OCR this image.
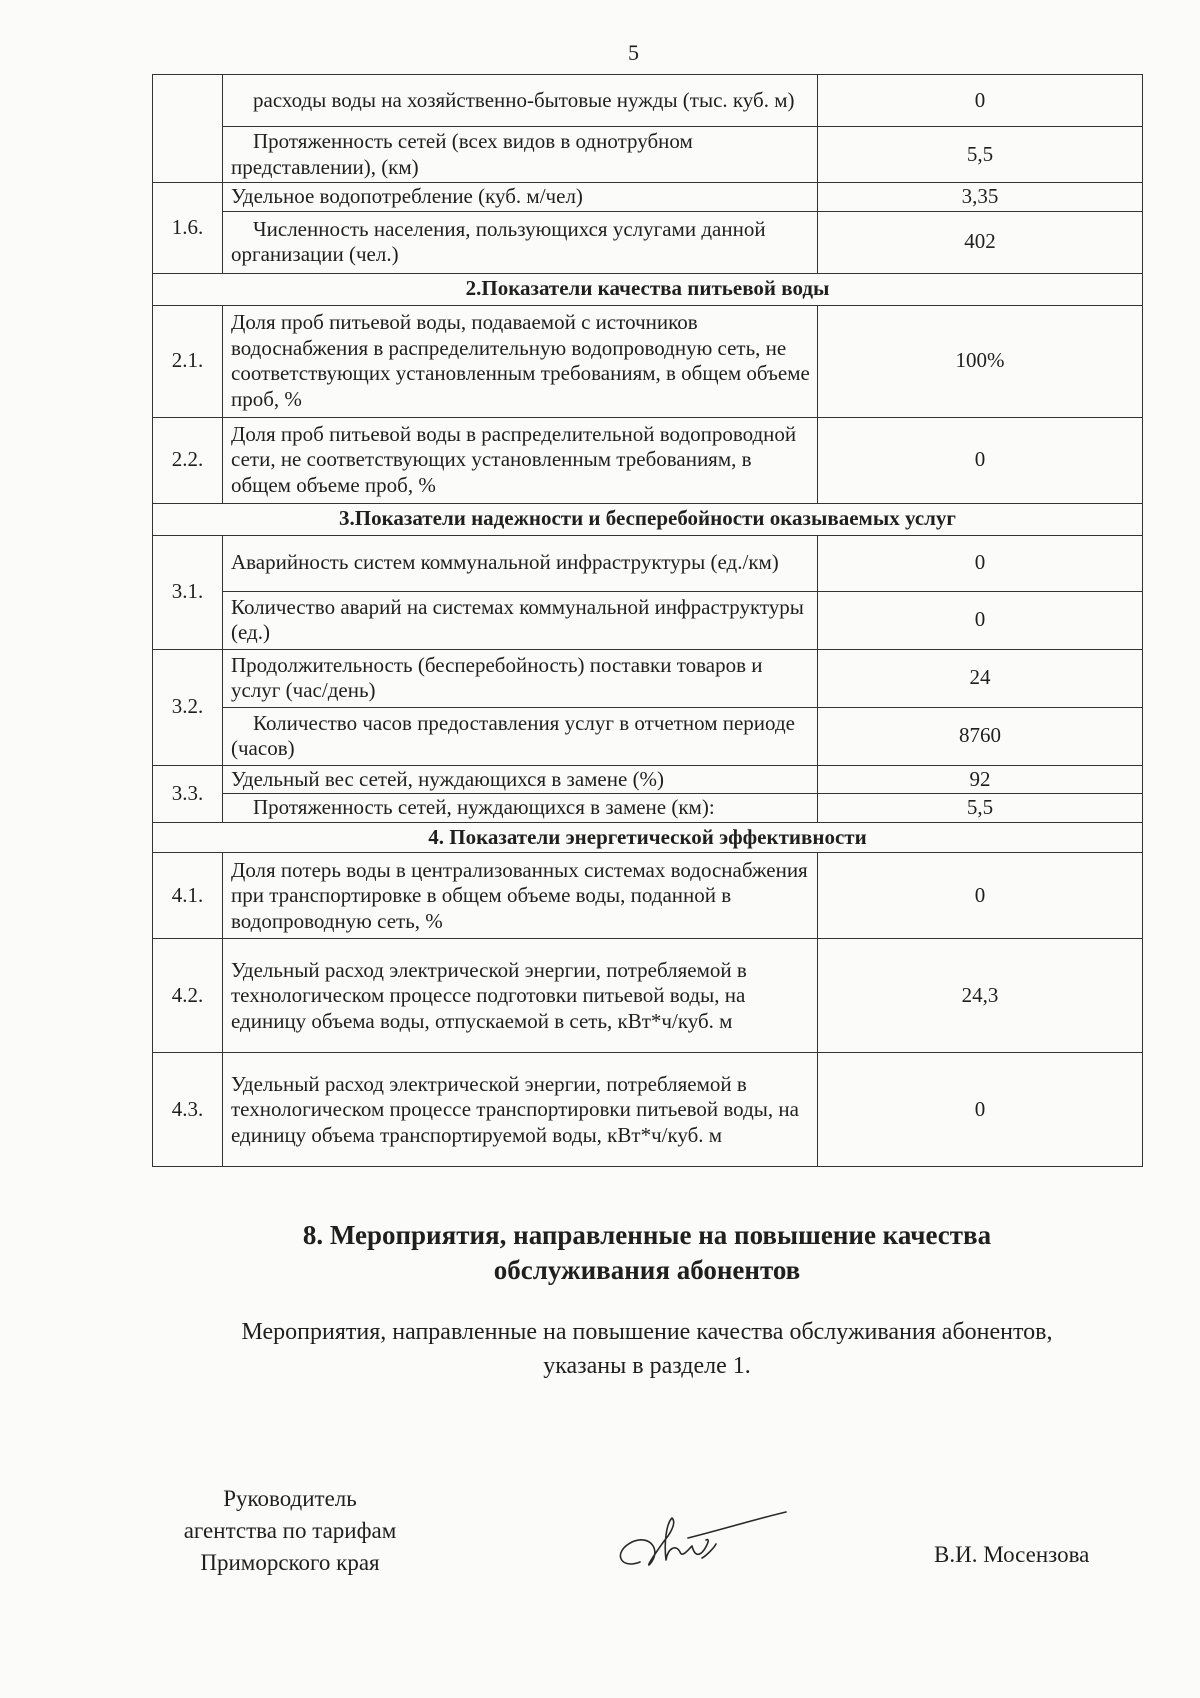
5
	расходы воды на хозяйственно-бытовые нужды (тыс. куб. м)	0
	Протяженность сетей (всех видов в однотрубном представлении), (км)	5,5
1.6.	Удельное водопотребление (куб. м/чел)	3,35
	Численность населения, пользующихся услугами данной организации (чел.)	402
2.Показатели качества питьевой воды		
2.1.	Доля проб питьевой воды, подаваемой с источников водоснабжения в распределительную водопроводную сеть, не соответствующих установленным требованиям, в общем объеме проб, %	100%
2.2.	Доля проб питьевой воды в распределительной водопроводной сети, не соответствующих установленным требованиям, в общем объеме проб, %	0
3.Показатели надежности и бесперебойности оказываемых услуг		
3.1.	Аварийность систем коммунальной инфраструктуры (ед./км)	0
	Количество аварий на системах коммунальной инфраструктуры (ед.)	0
3.2.	Продолжительность (бесперебойность) поставки товаров и услуг (час/день)	24
	Количество часов предоставления услуг в отчетном периоде (часов)	8760
3.3.	Удельный вес сетей, нуждающихся в замене (%)	92
	Протяженность сетей, нуждающихся в замене (км):	5,5
4. Показатели энергетической эффективности		
4.1.	Доля потерь воды в централизованных системах водоснабжения при транспортировке в общем объеме воды, поданной в водопроводную сеть, %	0
4.2.	Удельный расход электрической энергии, потребляемой в технологическом процессе подготовки питьевой воды, на единицу объема воды, отпускаемой в сеть, кВт*ч/куб. м	24,3
4.3.	Удельный расход электрической энергии, потребляемой в технологическом процессе транспортировки питьевой воды, на единицу объема транспортируемой воды, кВт*ч/куб. м	0
8. Мероприятия, направленные на повышение качества
обслуживания абонентов
Мероприятия, направленные на повышение качества обслуживания абонентов,
указаны в разделе 1.
Руководитель
агентства по тарифам
Приморского края	В.И. Мосензова
